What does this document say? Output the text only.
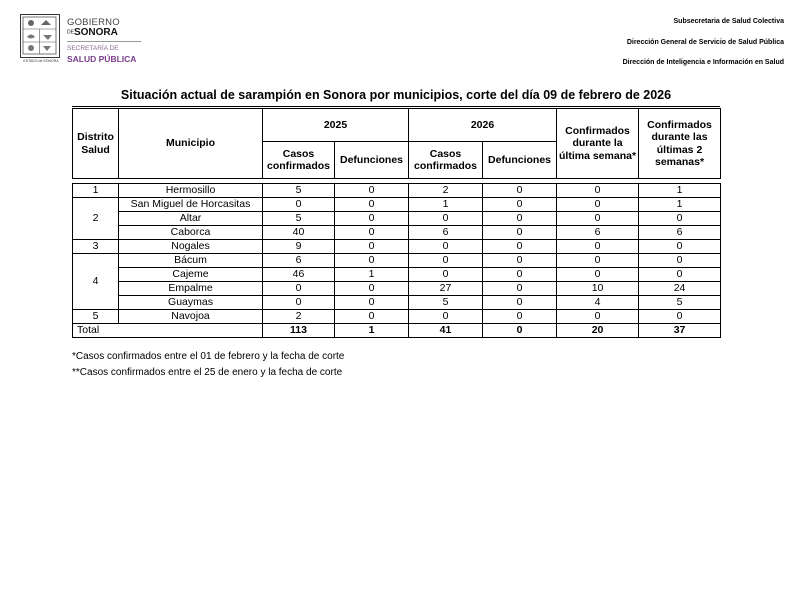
ESTADO de SONORA
GOBIERNO
DESONORA
SECRETARÍA DE
SALUD PÚBLICA
Subsecretaria de Salud Colectiva
Dirección General de Servicio de Salud Pública
Dirección de Inteligencia e Información en Salud
Situación actual de sarampión en Sonora por municipios, corte del día 09 de febrero de 2026
Distrito Salud	Municipio	2025		2026		Confirmados durante la última semana*	Confirmados durante las últimas 2 semanas*
		Casos confirmados	Defunciones	Casos confirmados	Defunciones		

1	Hermosillo	5	0	2	0	0	1
2	San Miguel de Horcasitas	0	0	1	0	0	1
	Altar	5	0	0	0	0	0
	Caborca	40	0	6	0	6	6
3	Nogales	9	0	0	0	0	0
4	Bácum	6	0	0	0	0	0
	Cajeme	46	1	0	0	0	0
	Empalme	0	0	27	0	10	24
	Guaymas	0	0	5	0	4	5
5	Navojoa	2	0	0	0	0	0
Total		113	1	41	0	20	37
*Casos confirmados entre el 01 de febrero y la fecha de corte
**Casos confirmados entre el 25 de enero y la fecha de corte
